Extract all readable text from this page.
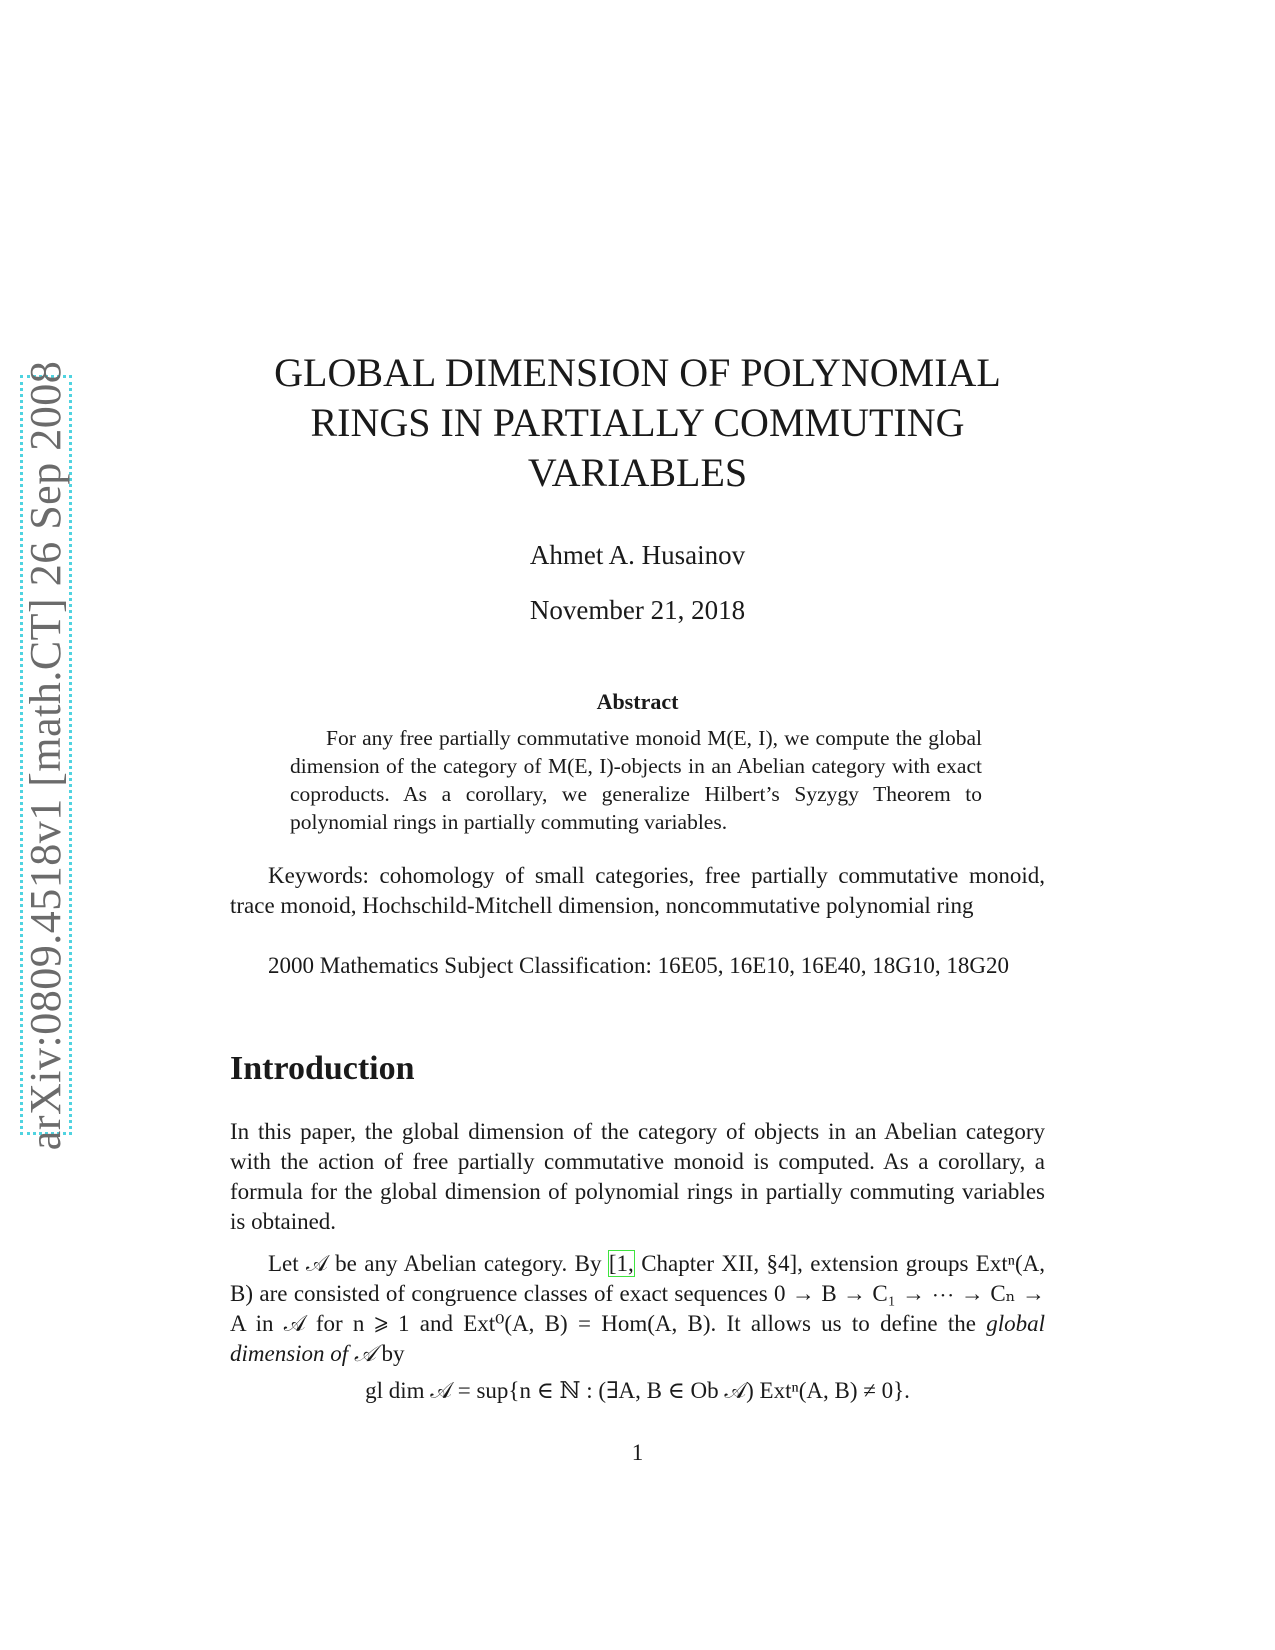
arXiv:0809.4518v1 [math.CT] 26 Sep 2008	GLOBAL DIMENSION OF POLYNOMIAL
RINGS IN PARTIALLY COMMUTING
VARIABLES
Ahmet A. Husainov
November 21, 2018
Abstract

For any free partially commutative monoid M(E, I), we compute the global dimension of the category of M(E, I)-objects in an Abelian category with exact coproducts. As a corollary, we generalize Hilbert’s Syzygy Theorem to polynomial rings in partially commuting variables.

Keywords: cohomology of small categories, free partially commutative monoid, trace monoid, Hochschild-Mitchell dimension, noncommutative polynomial ring

2000 Mathematics Subject Classification: 16E05, 16E10, 16E40, 18G10, 18G20

Introduction

In this paper, the global dimension of the category of objects in an Abelian category with the action of free partially commutative monoid is computed. As a corollary, a formula for the global dimension of polynomial rings in partially commuting variables is obtained.

Let 𝒜 be any Abelian category. By [1, Chapter XII, §4], extension groups Extⁿ(A, B) are consisted of congruence classes of exact sequences 0 → B → C₁ → ⋯ → Cₙ → A in 𝒜 for n ⩾ 1 and Ext⁰(A, B) = Hom(A, B). It allows us to define the global dimension of 𝒜 by

gl dim 𝒜 = sup{n ∈ ℕ : (∃A, B ∈ Ob 𝒜) Extⁿ(A, B) ≠ 0}.
1
